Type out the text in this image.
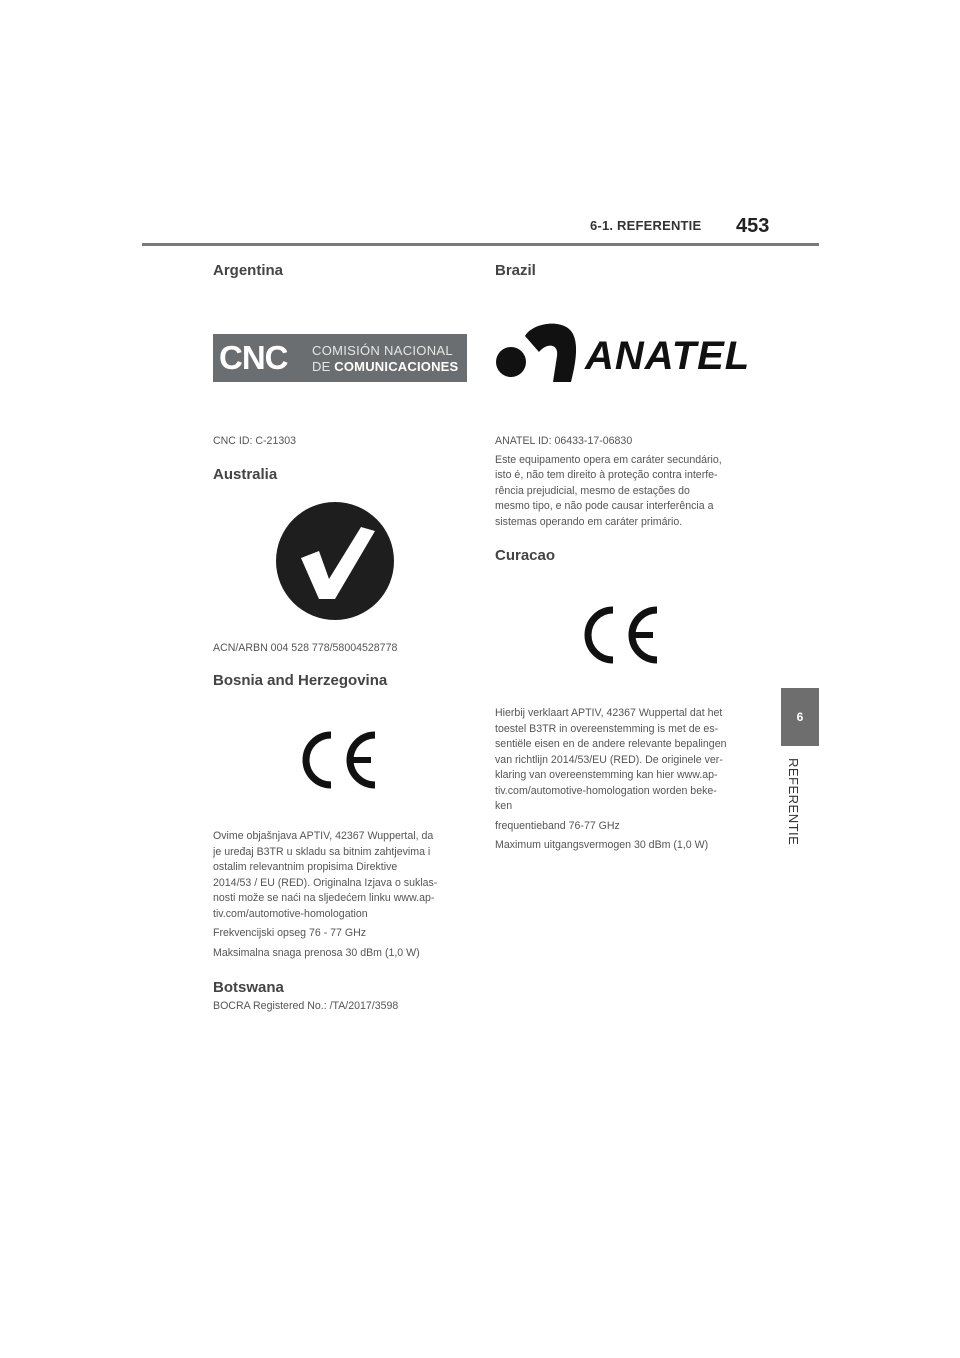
6-1. REFERENTIE 453
6
REFERENTIE
Argentina
CNC COMISIÓN NACIONAL
DE COMUNICACIONES

CNC ID: C-21303

Australia

ACN/ARBN 004 528 778/58004528778

Bosnia and Herzegovina

Ovime objašnjava APTIV, 42367 Wuppertal, da
je uređaj B3TR u skladu sa bitnim zahtjevima i
ostalim relevantnim propisima Direktive
2014/53 / EU (RED). Originalna Izjava o suklas-
nosti može se naći na sljedećem linku www.ap-
tiv.com/automotive-homologation

Frekvencijski opseg 76 - 77 GHz

Maksimalna snaga prenosa 30 dBm (1,0 W)

Botswana

BOCRA Registered No.: /TA/2017/3598

Brazil
ANATEL

ANATEL ID: 06433-17-06830

Este equipamento opera em caráter secundário,
isto é, não tem direito à proteção contra interfe-
rência prejudicial, mesmo de estações do
mesmo tipo, e não pode causar interferência a
sistemas operando em caráter primário.

Curacao

Hierbij verklaart APTIV, 42367 Wuppertal dat het
toestel B3TR in overeenstemming is met de es-
sentiële eisen en de andere relevante bepalingen
van richtlijn 2014/53/EU (RED). De originele ver-
klaring van overeenstemming kan hier www.ap-
tiv.com/automotive-homologation worden beke-
ken

frequentieband 76-77 GHz

Maximum uitgangsvermogen 30 dBm (1,0 W)
